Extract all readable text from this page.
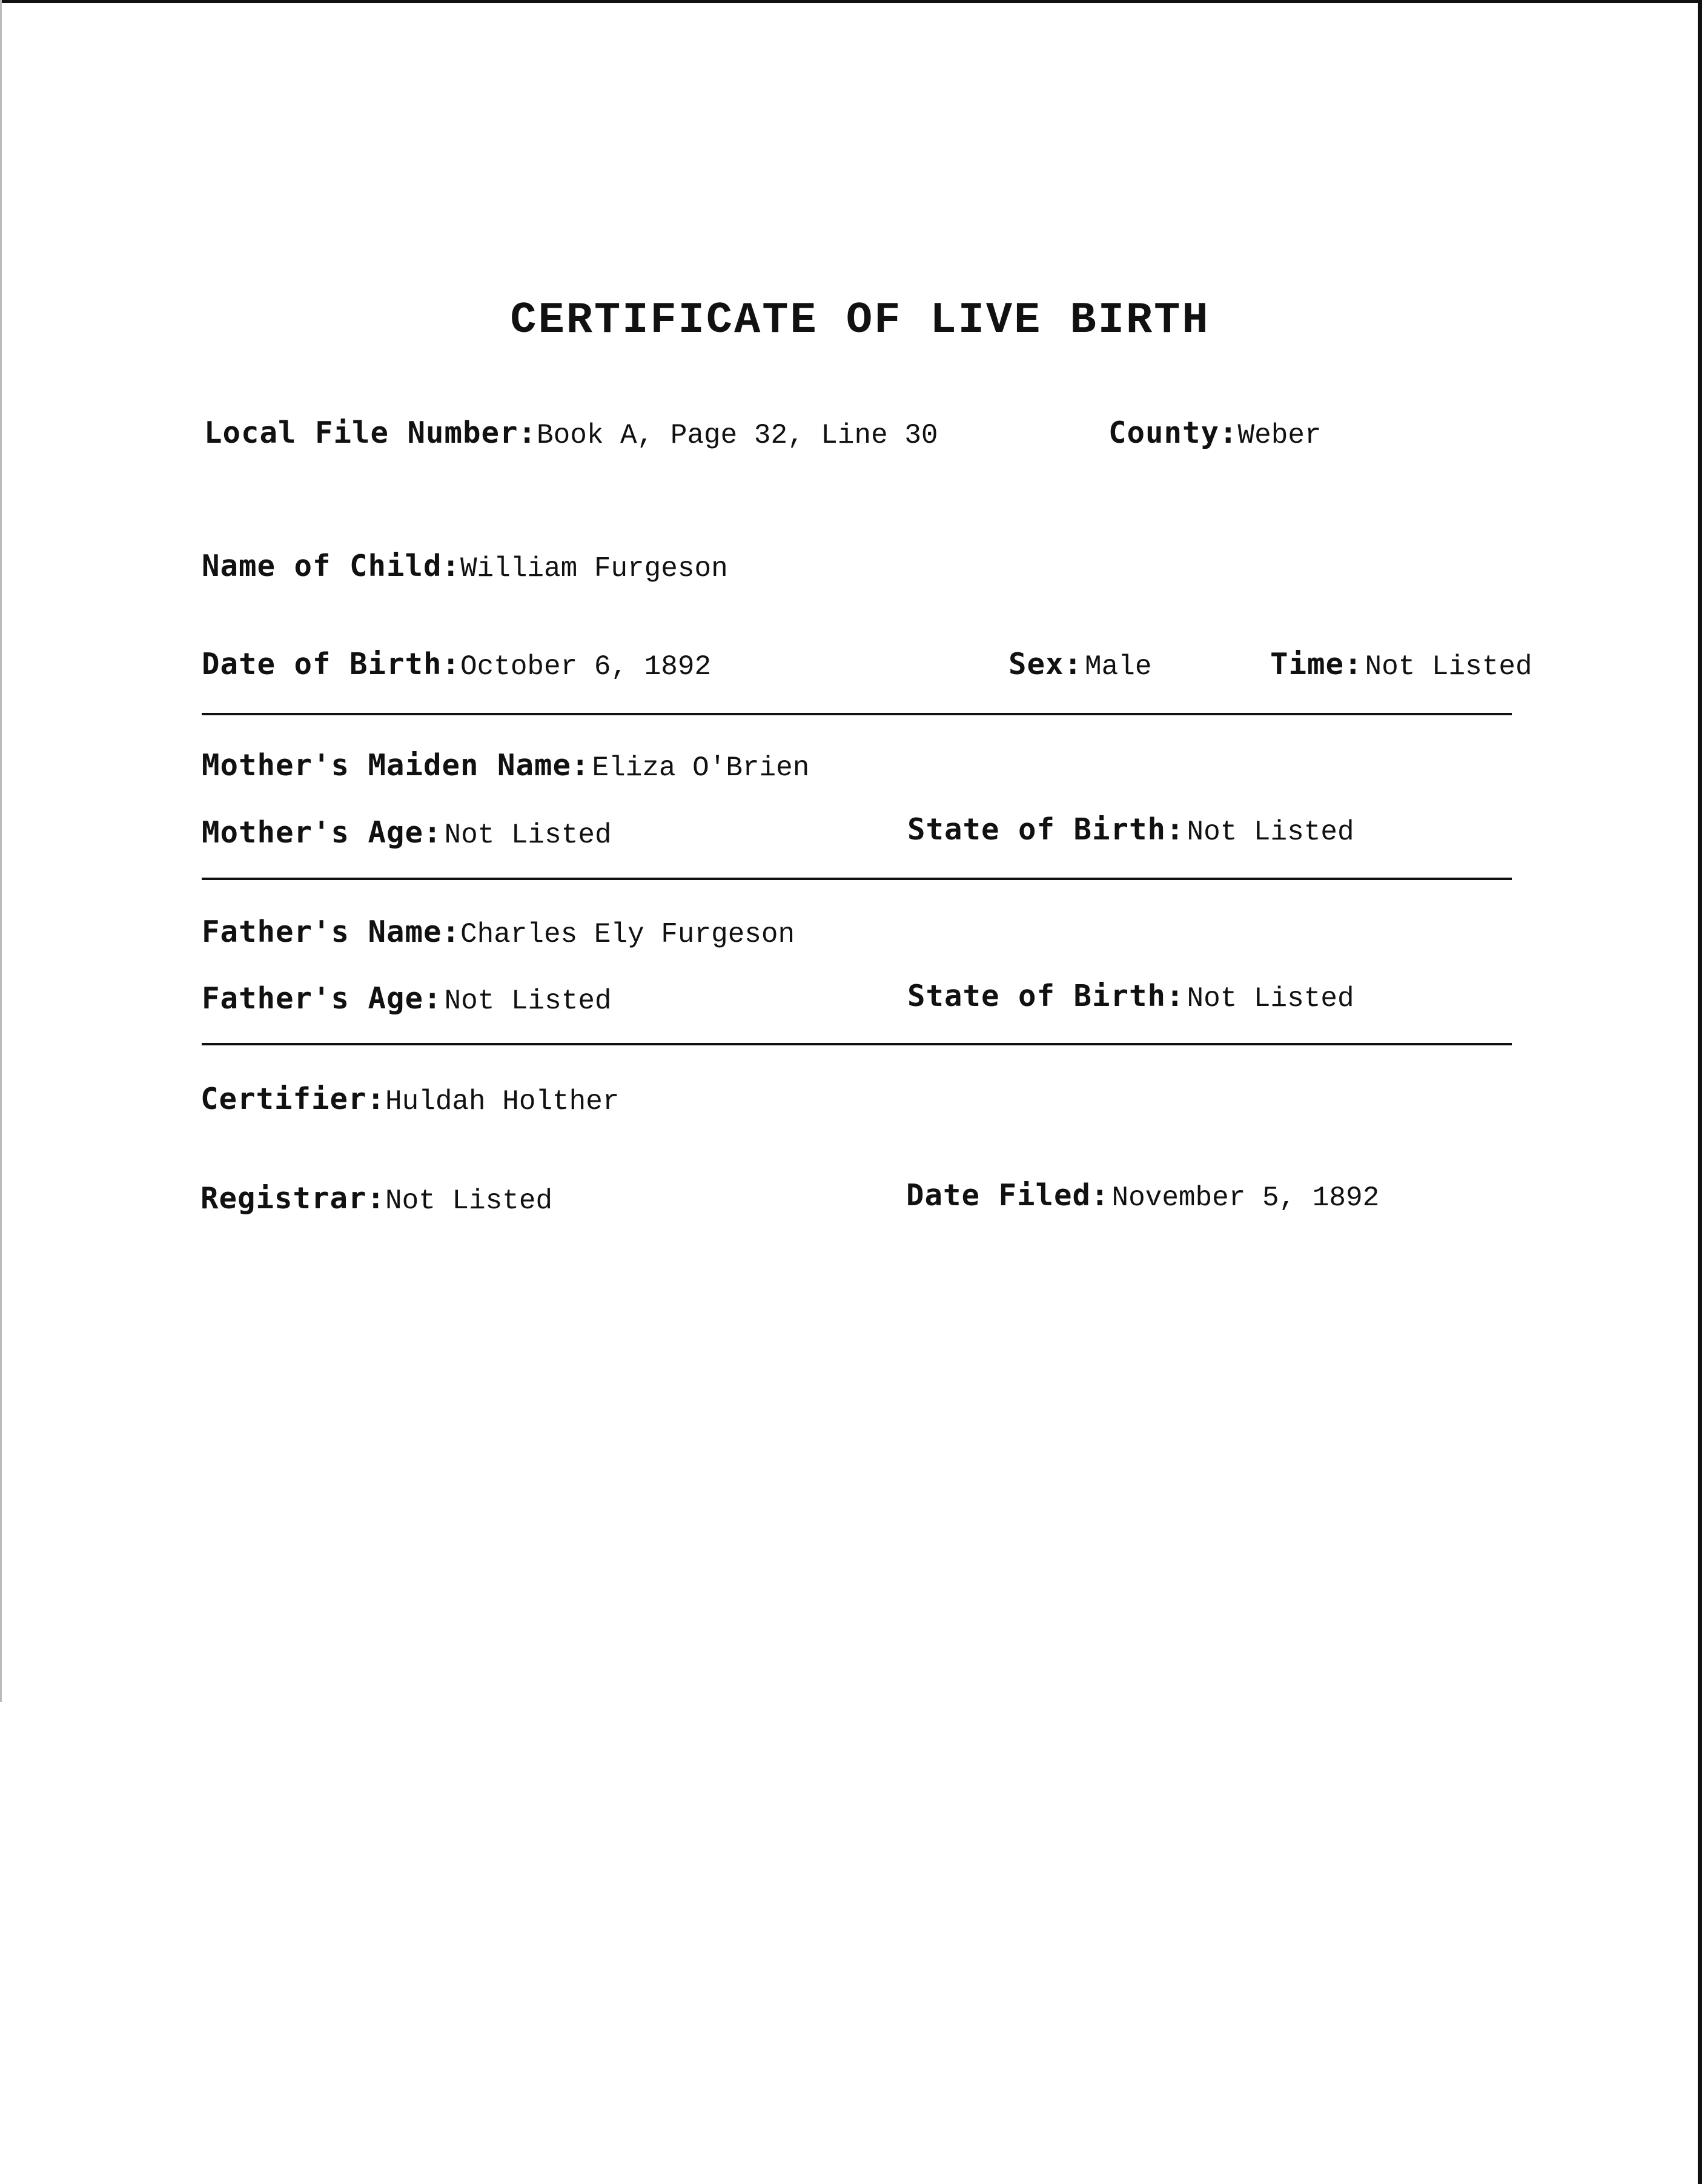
CERTIFICATE OF LIVE BIRTH
Local File Number:Book A, Page 32, Line 30	County:Weber
Name of Child:William Furgeson
Date of Birth:October 6, 1892	Sex: Male	Time: Not Listed
Mother's Maiden Name: Eliza O'Brien
Mother's Age: Not Listed	State of Birth: Not Listed
Father's Name:Charles Ely Furgeson
Father's Age: Not Listed	State of Birth: Not Listed
Certifier:Huldah Holther
Registrar:Not Listed	Date Filed: November 5, 1892
